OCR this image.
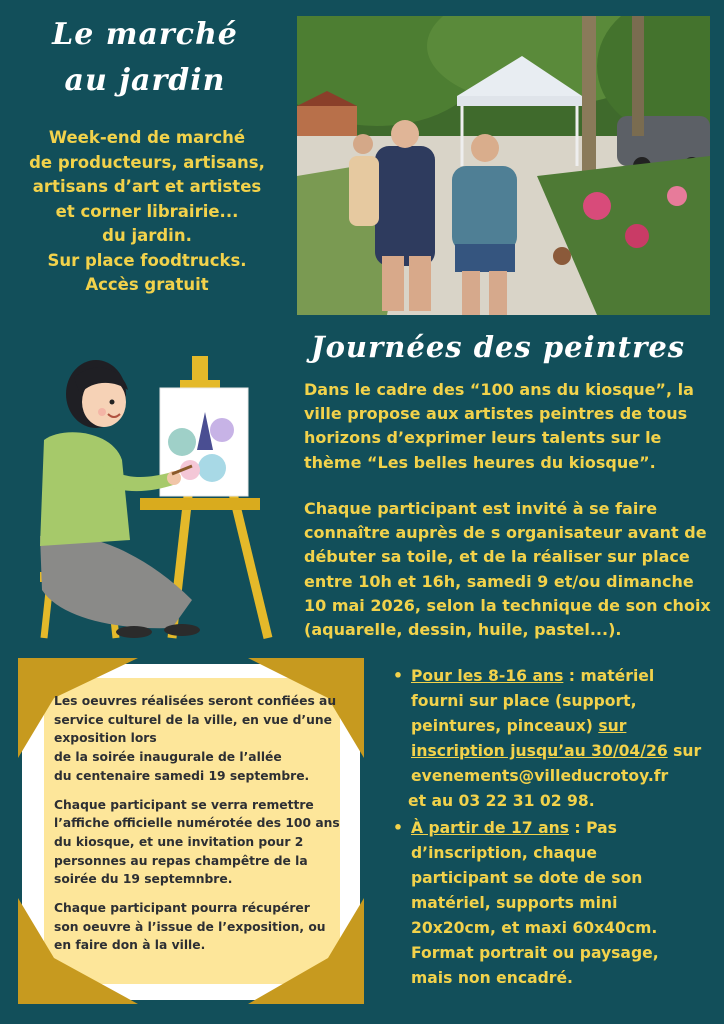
Le marché
au jardin
Week-end de marché
de producteurs, artisans,
artisans d’art et artistes
et corner librairie...
du jardin.
Sur place foodtrucks.
Accès gratuit
Journées des peintres

Dans le cadre des “100 ans du kiosque”, la ville propose aux artistes peintres de tous horizons d’exprimer leurs talents sur le thème “Les belles heures du kiosque”.

Chaque participant est invité à se faire connaître auprès de s organisateur avant de débuter sa toile, et de la réaliser sur place entre 10h et 16h, samedi 9 et/ou dimanche 10 mai 2026, selon la technique de son choix (aquarelle, dessin, huile, pastel...).

Les oeuvres réalisées seront confiées au
service culturel de la ville, en vue d’une
exposition lors
de la soirée inaugurale de l’allée
du centenaire samedi 19 septembre.

Chaque participant se verra remettre
l’affiche officielle numérotée des 100 ans
du kiosque, et une invitation pour 2
personnes au repas champêtre de la
soirée du 19 septemnbre.

Chaque participant pourra récupérer
son oeuvre à l’issue de l’exposition, ou
en faire don à la ville.

• Pour les 8-16 ans : matériel
fourni sur place (support,
peintures, pinceaux) sur
inscription jusqu’au 30/04/26 sur
evenements@villeducrotoy.fr
et au 03 22 31 02 98.
• À partir de 17 ans : Pas
d’inscription, chaque
participant se dote de son
matériel, supports mini
20x20cm, et maxi 60x40cm.
Format portrait ou paysage,
mais non encadré.
